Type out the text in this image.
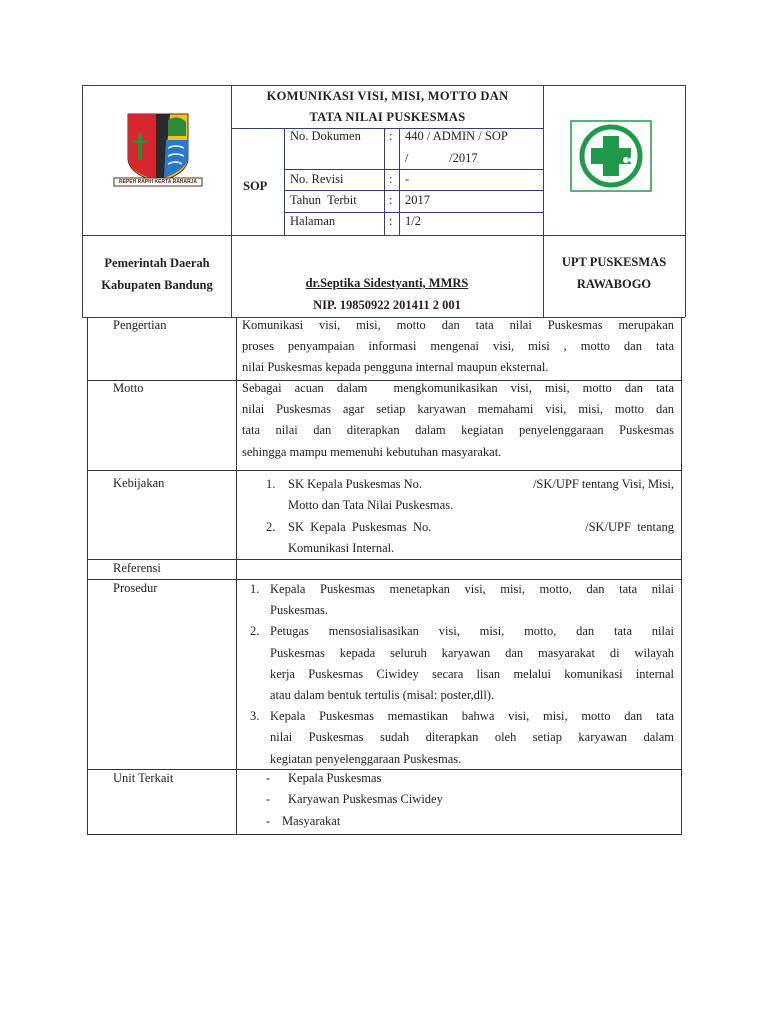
REPEH RAPIH KERTA RAHARJA
KOMUNIKASI VISI, MISI, MOTTO DAN
TATA NILAI PUSKESMAS
SOP
No. Dokumen : 440 / ADMIN / SOP
/             /2017
No. Revisi	: -
Tahun  Terbit	: 2017
Halaman	: 1/2
Pemerintah Daerah
Kabupaten Bandung	dr.Septika Sidestyanti, MMRS
NIP. 19850922 201411 2 001
UPT PUSKESMAS
RAWABOGO
Pengertian	Komunikasi visi, misi, motto dan tata nilai Puskesmas merupakan
proses penyampaian informasi mengenai visi, misi , motto dan tata
nilai Puskesmas kepada pengguna internal maupun eksternal.
Motto	Sebagai acuan dalam  mengkomunikasikan visi, misi, motto dan tata
nilai Puskesmas agar setiap karyawan memahami visi, misi, motto dan
tata nilai dan diterapkan dalam kegiatan penyelenggaraan Puskesmas
sehingga mampu memenuhi kebutuhan masyarakat.
Kebijakan	1. SK Kepala Puskesmas No.	/SK/UPF tentang Visi, Misi,
Motto dan Tata Nilai Puskesmas.
2. SK  Kepala  Puskesmas  No.	/SK/UPF  tentang
Komunikasi Internal.
Referensi
Prosedur	1. Kepala Puskesmas menetapkan visi, misi, motto, dan tata nilai
Puskesmas.
2. Petugas mensosialisasikan visi, misi, motto, dan tata nilai
Puskesmas kepada seluruh karyawan dan masyarakat di wilayah
kerja Puskesmas Ciwidey secara lisan melalui komunikasi internal
atau dalam bentuk tertulis (misal: poster,dll).
3. Kepala Puskesmas memastikan bahwa visi, misi, motto dan tata
nilai Puskesmas sudah diterapkan oleh setiap karyawan dalam
kegiatan penyelenggaraan Puskesmas.
Unit Terkait	- Kepala Puskesmas
- Karyawan Puskesmas Ciwidey
- Masyarakat
